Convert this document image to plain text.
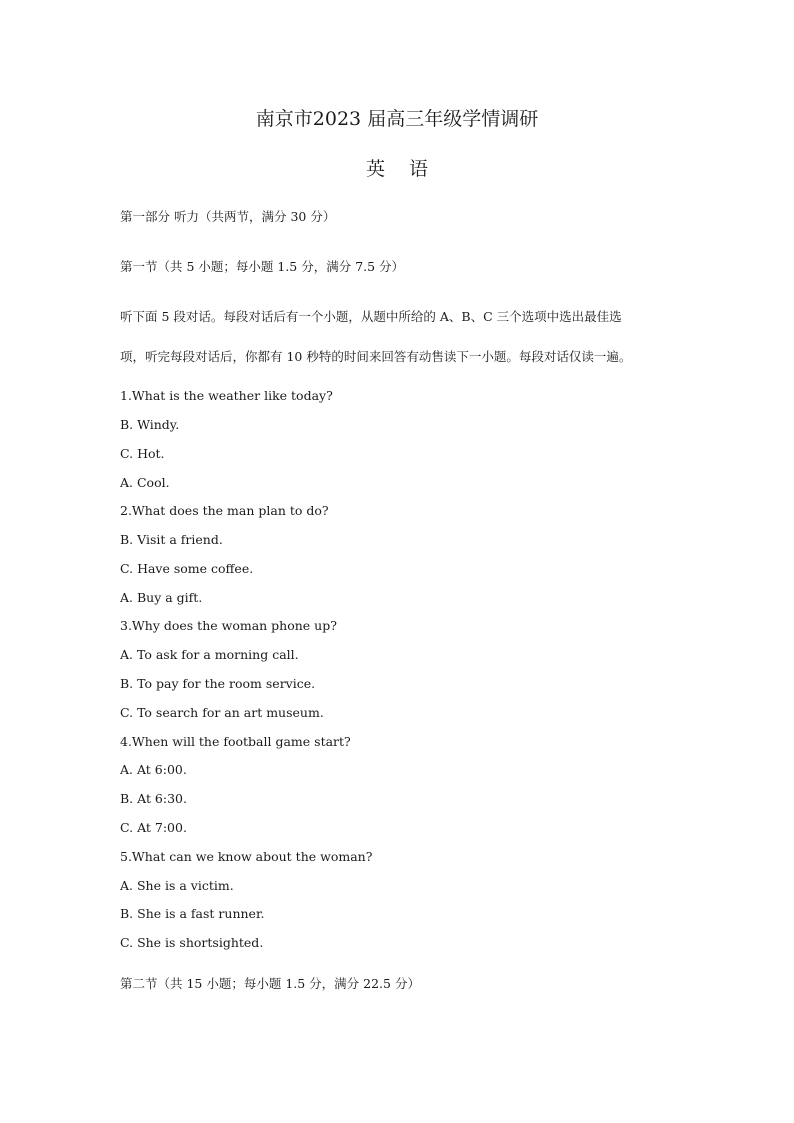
南京市2023 届高三年级学情调研
英语
第一部分 听力（共两节，满分 30 分）
第一节（共 5 小题；每小题 1.5 分，满分 7.5 分）
听下面 5 段对话。每段对话后有一个小题，从题中所给的 A、B、C 三个选项中选出最佳选
项，听完每段对话后，你都有 10 秒特的时间来回答有动售读下一小题。每段对话仅读一遍。
1.What is the weather like today?
B. Windy.
C. Hot.
A. Cool.
2.What does the man plan to do?
B. Visit a friend.
C. Have some coffee.
A. Buy a gift.
3.Why does the woman phone up?
A. To ask for a morning call.
B. To pay for the room service.
C. To search for an art museum.
4.When will the football game start?
A. At 6:00.
B. At 6:30.
C. At 7:00.
5.What can we know about the woman?
A. She is a victim.
B. She is a fast runner.
C. She is shortsighted.
第二节（共 15 小题；每小题 1.5 分，满分 22.5 分）
